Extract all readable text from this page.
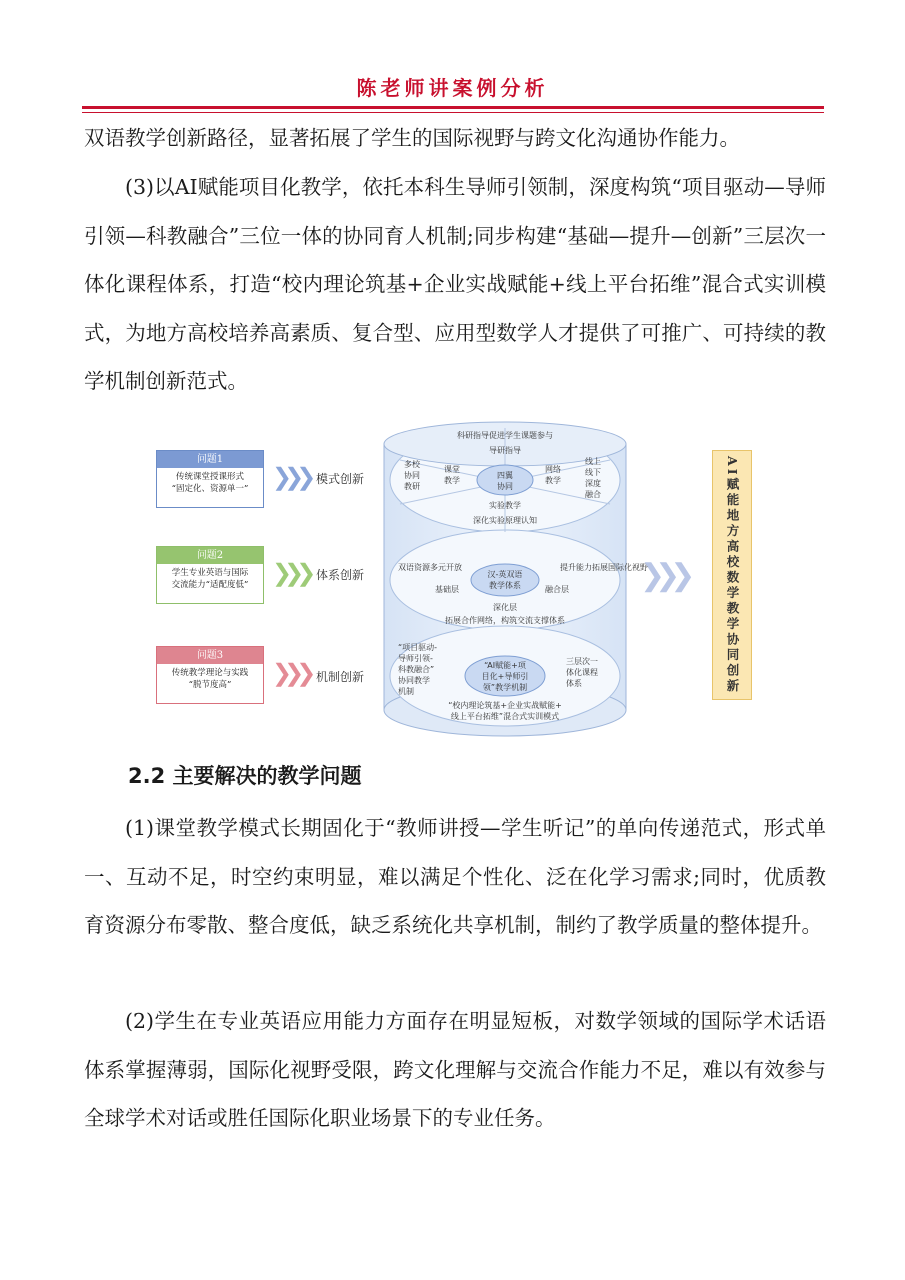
陈老师讲案例分析

双语教学创新路径，显著拓展了学生的国际视野与跨文化沟通协作能力。

(3)以AI赋能项目化教学，依托本科生导师引领制，深度构筑“项目驱动—导师引领—科教融合”三位一体的协同育人机制;同步构建“基础—提升—创新”三层次一体化课程体系，打造“校内理论筑基+企业实战赋能+线上平台拓维”混合式实训模式，为地方高校培养高素质、复合型、应用型数学人才提供了可推广、可持续的教学机制创新范式。

问题1
传统课堂授课形式
“固定化、资源单一” ❯❯❯ 模式创新
问题2
学生专业英语与国际
交流能力“适配度低” ❯❯❯ 体系创新
问题3
传统教学理论与实践
“脱节度高”	❯❯❯ 机制创新
科研指导促进学生课题参与
导研指导
多校
协同
教研
课堂
教学
四翼
协同
网络
教学
线上
线下
深度
融合
实验教学
深化实验原理认知
双语资源多元开放
基础层
汉-英双语
教学体系	融合层
提升能力拓展国际化视野
深化层
拓展合作网络，构筑交流支撑体系
“项目驱动-
导师引领-
科教融合”
协同教学
机制
“AI赋能+项
目化+导师引
领”教学机制
三层次一
体化课程
体系
“校内理论筑基+企业实战赋能+
线上平台拓维”混合式实训模式
❯❯❯	AI赋能地方高校数学教学协同创新
2.2 主要解决的教学问题

(1)课堂教学模式长期固化于“教师讲授—学生听记”的单向传递范式，形式单一、互动不足，时空约束明显，难以满足个性化、泛在化学习需求;同时，优质教育资源分布零散、整合度低，缺乏系统化共享机制，制约了教学质量的整体提升。

(2)学生在专业英语应用能力方面存在明显短板，对数学领域的国际学术话语体系掌握薄弱，国际化视野受限，跨文化理解与交流合作能力不足，难以有效参与全球学术对话或胜任国际化职业场景下的专业任务。
